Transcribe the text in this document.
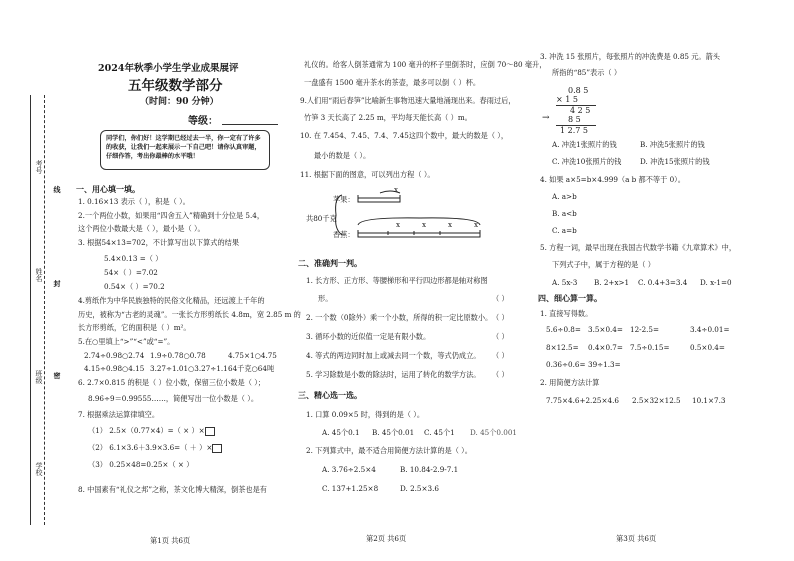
学校
班级
姓名
考号
线
封
密
2024年秋季小学生学业成果展评
五年级数学部分
（时间：90 分钟）
等级：
同学们，你们好！这学期已经过去一半，你一定有了许多的收获，让我们一起来展示一下自己吧！请你认真审题，仔细作答，考出你最棒的水平哦！
一、用心填一填。
1. 0.16×13 表示（ ），积是（ ）。
2.一个两位小数，如果用“四舍五入”精确到十分位是 5.4，
这个两位小数最大是（ ），最小是（ ）。
3. 根据54×13=702，不计算写出以下算式的结果
5.4×0.13 =（ ）
54×（ ）=7.02
0.54×（ ）=70.2
4.剪纸作为中华民族独特的民俗文化精品，还远渡上千年的
历史，被称为“古老的灵魂”。一张长方形剪纸长 4.8m，宽 2.85 m 的
长方形剪纸，它的面积是（ ）m²。
5.在○里填上“>”“<”或“=”。
2.74÷0.98○2.74 1.9÷0.78○0.78	4.75×1○4.75
4.15÷0.98○4.15 3.27÷1.01○3.27÷1.1 64千克○64吨
6. 2.7×0.815 的积是（ ）位小数，保留三位小数是（ ）；
8.96÷9＝0.99555……，简便写出一位小数是（ ）。
7. 根据乘法运算律填空。
（1） 2.5×（0.77×4）=（ × ）×
（2） 6.1×3.6＋3.9×3.6=（ ＋ ）×
（3） 0.25×48=0.25×（ × ）
8. 中国素有“礼仪之邦”之称，茶文化博大精深，倒茶也是有
第1页 共6页
礼仪的。给客人倒茶通常为 100 毫升的杯子里倒茶时，应倒 70～80 毫升，
一盘盛有 1500 毫升茶水的茶壶，最多可以倒（ ）杯。
9.人们用“雨后春笋”比喻新生事物迅速大量地涌现出来。春雨过后，
竹笋 3 天长高了 2.25 m，平均每天能长高（ ）m。
10. 在 7.454、7.45、7.4、7.45这四个数中，最大的数是（ ），
最小的数是（ ）。
11. 根据下面的图意，可以列出方程（ ）。
苹果：
共80千克
香蕉：
x
x	x	x	x
二、准确判一判。
1. 长方形、正方形、等腰梯形和平行四边形都是轴对称图
形。	（ ）
2. 一个数（0除外）乘一个小数，所得的积一定比原数小。 （ ）
3. 循环小数的近似值一定是有限小数。	（ ）
4. 等式的两边同时加上或减去同一个数，等式仍成立。 （ ）
5. 学习除数是小数的除法时，运用了转化的数学方法。 （ ）
三、精心选一选。
1. 口算 0.09×5 时，得到的是（ ）。
A. 45个0.1 B. 45个0.01 C. 45个1 D. 45个0.001
2. 下列算式中，最不适合用简便方法计算的是（ ）。
A. 3.76÷2.5×4	B. 10.84-2.9-7.1
C. 137+1.25×8	D. 2.5×3.6
第2页 共6页
3. 冲洗 15 张照片，每张照片的冲洗费是 0.85 元。箭头
所指的“85”表示（ ）
0.8 5
× 1 5
4 2 5
8 5
1 2.7 5
→
A. 冲洗1张照片的钱	B. 冲洗5张照片的钱
C. 冲洗10张照片的钱	D. 冲洗15张照片的钱
4. 如果 a×5=b×4.999（a b 都不等于 0）。
A. a>b
B. a<b
C. a=b
5. 方程一词，最早出现在我国古代数学书籍《九章算术》中，
下列式子中，属于方程的是（ ）
A. 5x-3 B. 2+x>1 C. 0.4+3=3.4 D. x-1=0
四、细心算一算。
1. 直接写得数。
5.6÷0.8= 3.5×0.4= 12-2.5=	3.4÷0.01=
8×12.5= 0.4×0.7= 7.5÷0.15=	0.5×0.4=
0.36÷0.6= 39÷1.3=
2. 用简便方法计算
7.75×4.6+2.25×4.6 2.5×32×12.5 10.1×7.3
第3页 共6页
